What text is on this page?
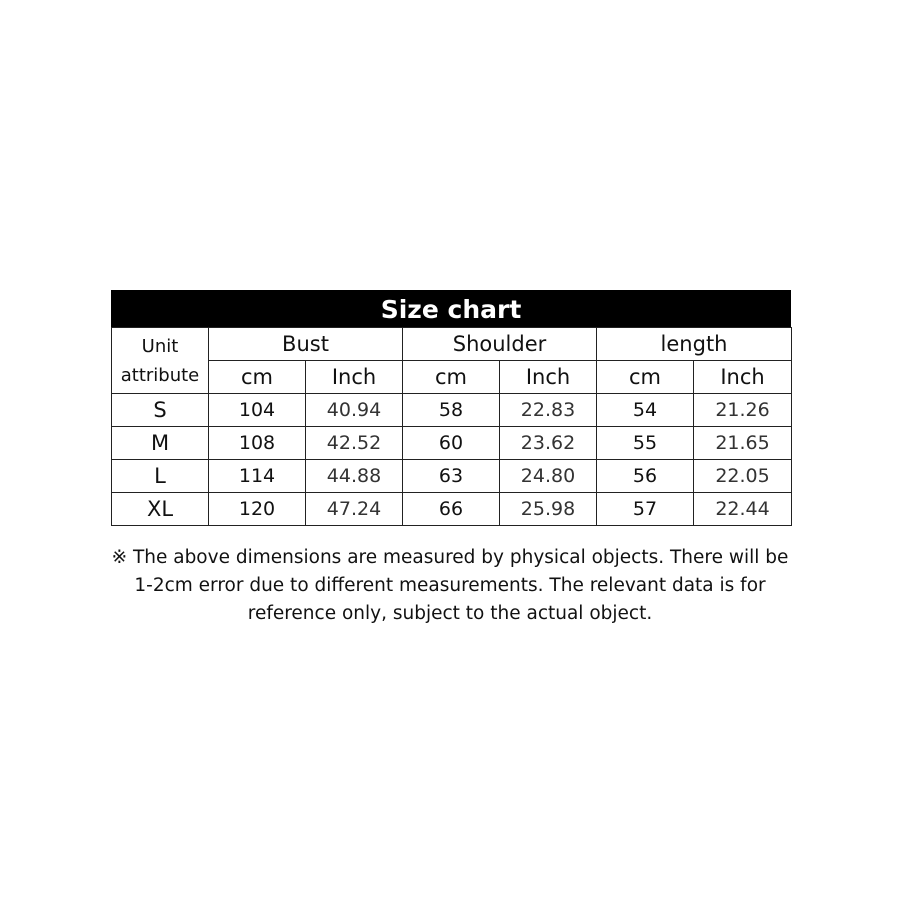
Size chart
Unit
attribute	Bust		Shoulder		length	
	cm	Inch	cm	Inch	cm	Inch
S	104	40.94	58	22.83	54	21.26
M	108	42.52	60	23.62	55	21.65
L	114	44.88	63	24.80	56	22.05
XL	120	47.24	66	25.98	57	22.44
※ The above dimensions are measured by physical objects. There will be
1-2cm error due to different measurements. The relevant data is for
reference only, subject to the actual object.
